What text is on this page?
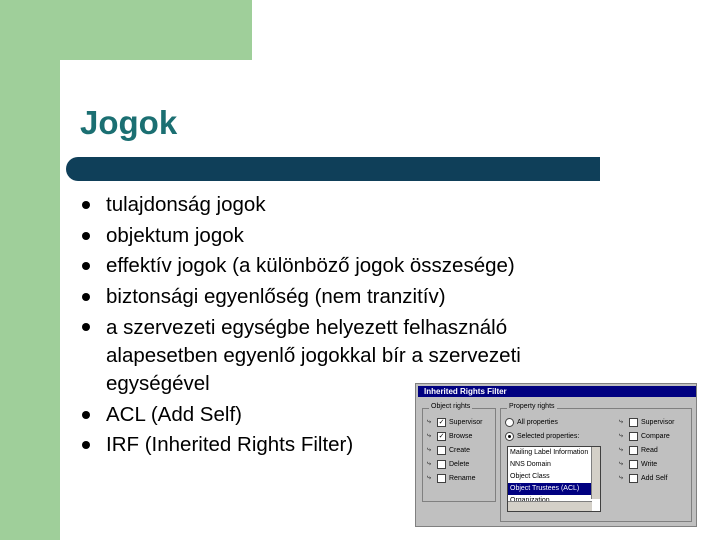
Jogok
tulajdonság jogok
objektum jogok
effektív jogok (a különböző jogok összesége)
biztonsági egyenlőség (nem tranzitív)
a szervezeti egységbe helyezett felhasználó alapesetben egyenlő jogokkal bír a szervezeti egységével
ACL (Add Self)
IRF (Inherited Rights Filter)
Inherited Rights Filter
Object rights
⤷	✓ Supervisor
⤷	✓ Browse
⤷	Create
⤷	Delete
⤷	Rename
Property rights
All properties
Selected properties:
⤷	Supervisor
⤷	Compare
⤷	Read
⤷	Write
⤷	Add Self
Mailing Label Information
NNS Domain
Object Class
Object Trustees (ACL)
